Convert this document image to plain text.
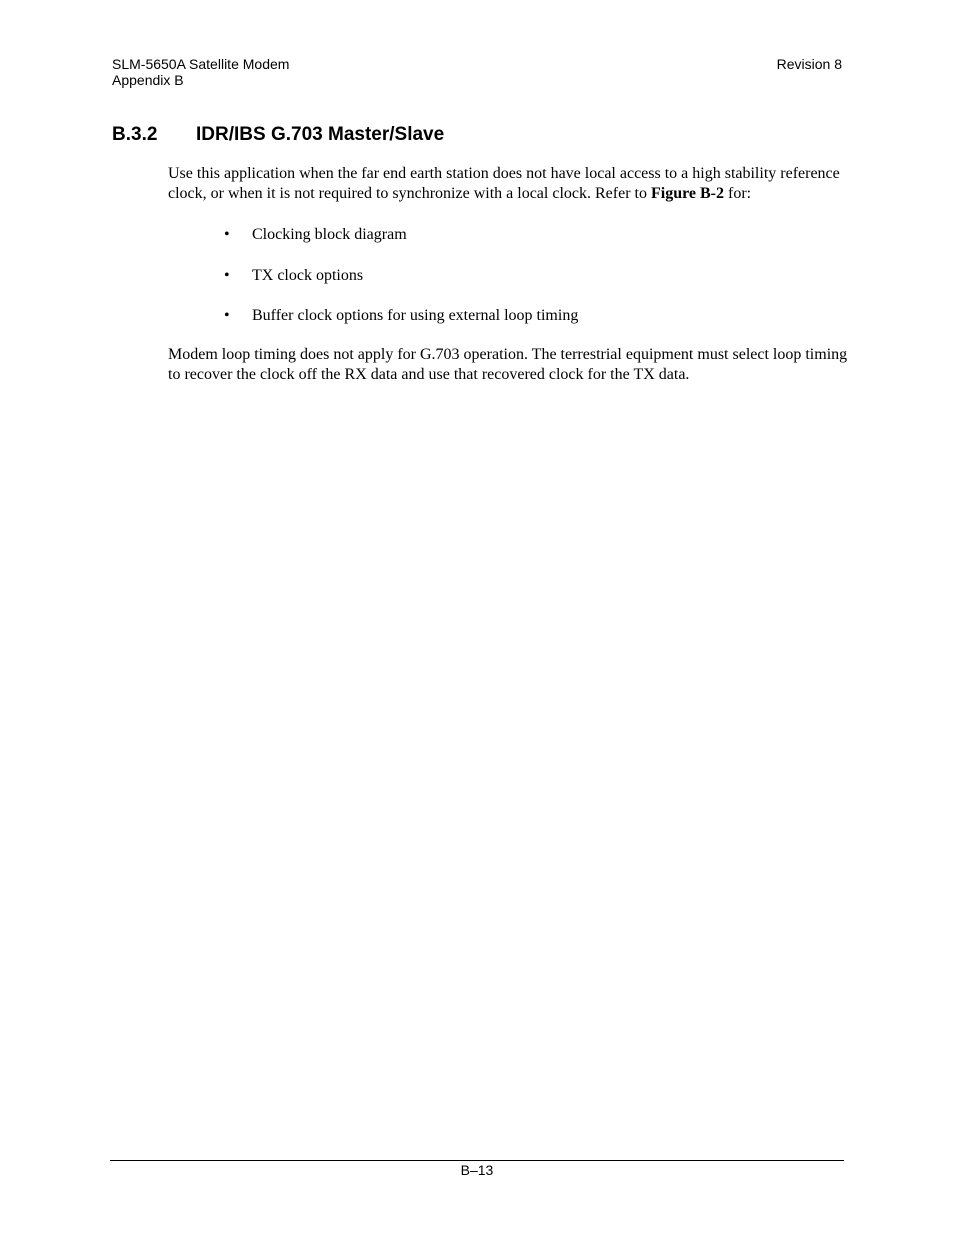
SLM-5650A Satellite Modem
Appendix B
Revision 8
B.3.2 IDR/IBS G.703 Master/Slave
Use this application when the far end earth station does not have local access to a high stability reference clock, or when it is not required to synchronize with a local clock. Refer to Figure B-2 for:
• Clocking block diagram
• TX clock options
• Buffer clock options for using external loop timing
Modem loop timing does not apply for G.703 operation. The terrestrial equipment must select loop timing to recover the clock off the RX data and use that recovered clock for the TX data.
B–13
